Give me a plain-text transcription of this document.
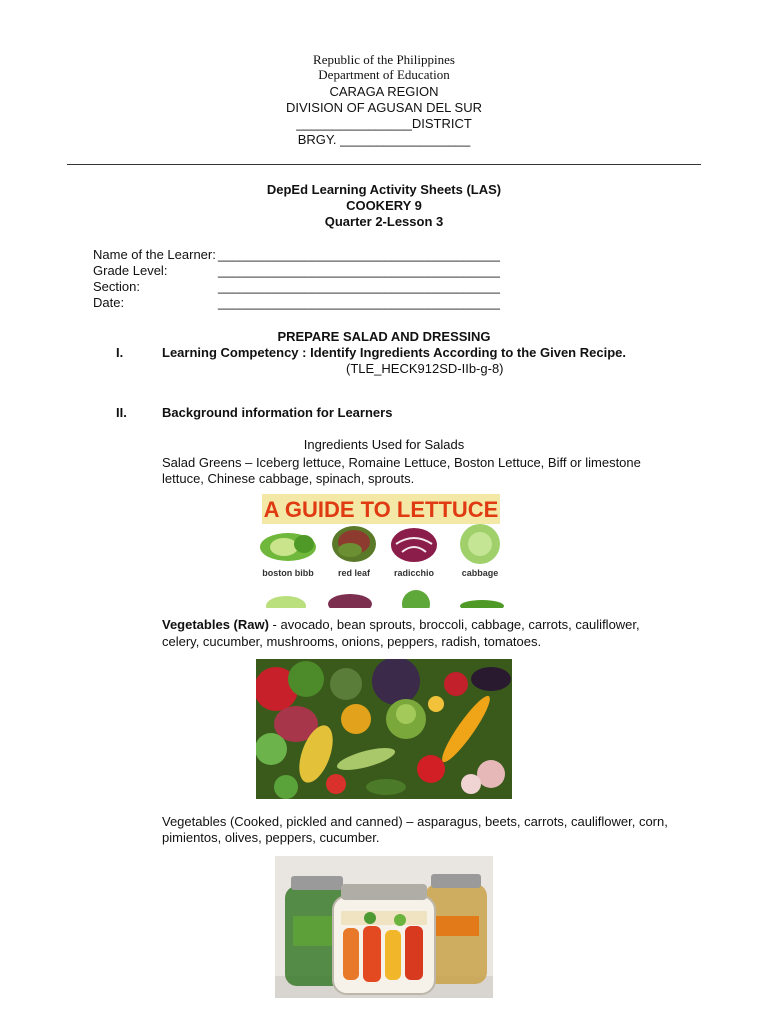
Republic of the Philippines
Department of Education
CARAGA REGION
DIVISION OF AGUSAN DEL SUR
________________DISTRICT
BRGY. __________________
DepEd Learning Activity Sheets (LAS)
COOKERY 9
Quarter 2-Lesson 3
Name of the Learner: _______________________________________
Grade Level:	_______________________________________
Section:	_______________________________________
Date:	_______________________________________
PREPARE SALAD AND DRESSING
I.	Learning Competency : Identify Ingredients According to the Given Recipe.
(TLE_HECK912SD-IIb-g-8)
II.	Background information for Learners
Ingredients Used for Salads
Salad Greens – Iceberg lettuce, Romaine Lettuce, Boston Lettuce, Biff or limestone
lettuce, Chinese cabbage, spinach, sprouts.
A GUIDE TO LETTUCE
boston bibb	red leaf	radicchio	cabbage
Vegetables (Raw) - avocado, bean sprouts, broccoli, cabbage, carrots, cauliflower,
celery, cucumber, mushrooms, onions, peppers, radish, tomatoes.
Vegetables (Cooked, pickled and canned) – asparagus, beets, carrots, cauliflower, corn,
pimientos, olives, peppers, cucumber.
